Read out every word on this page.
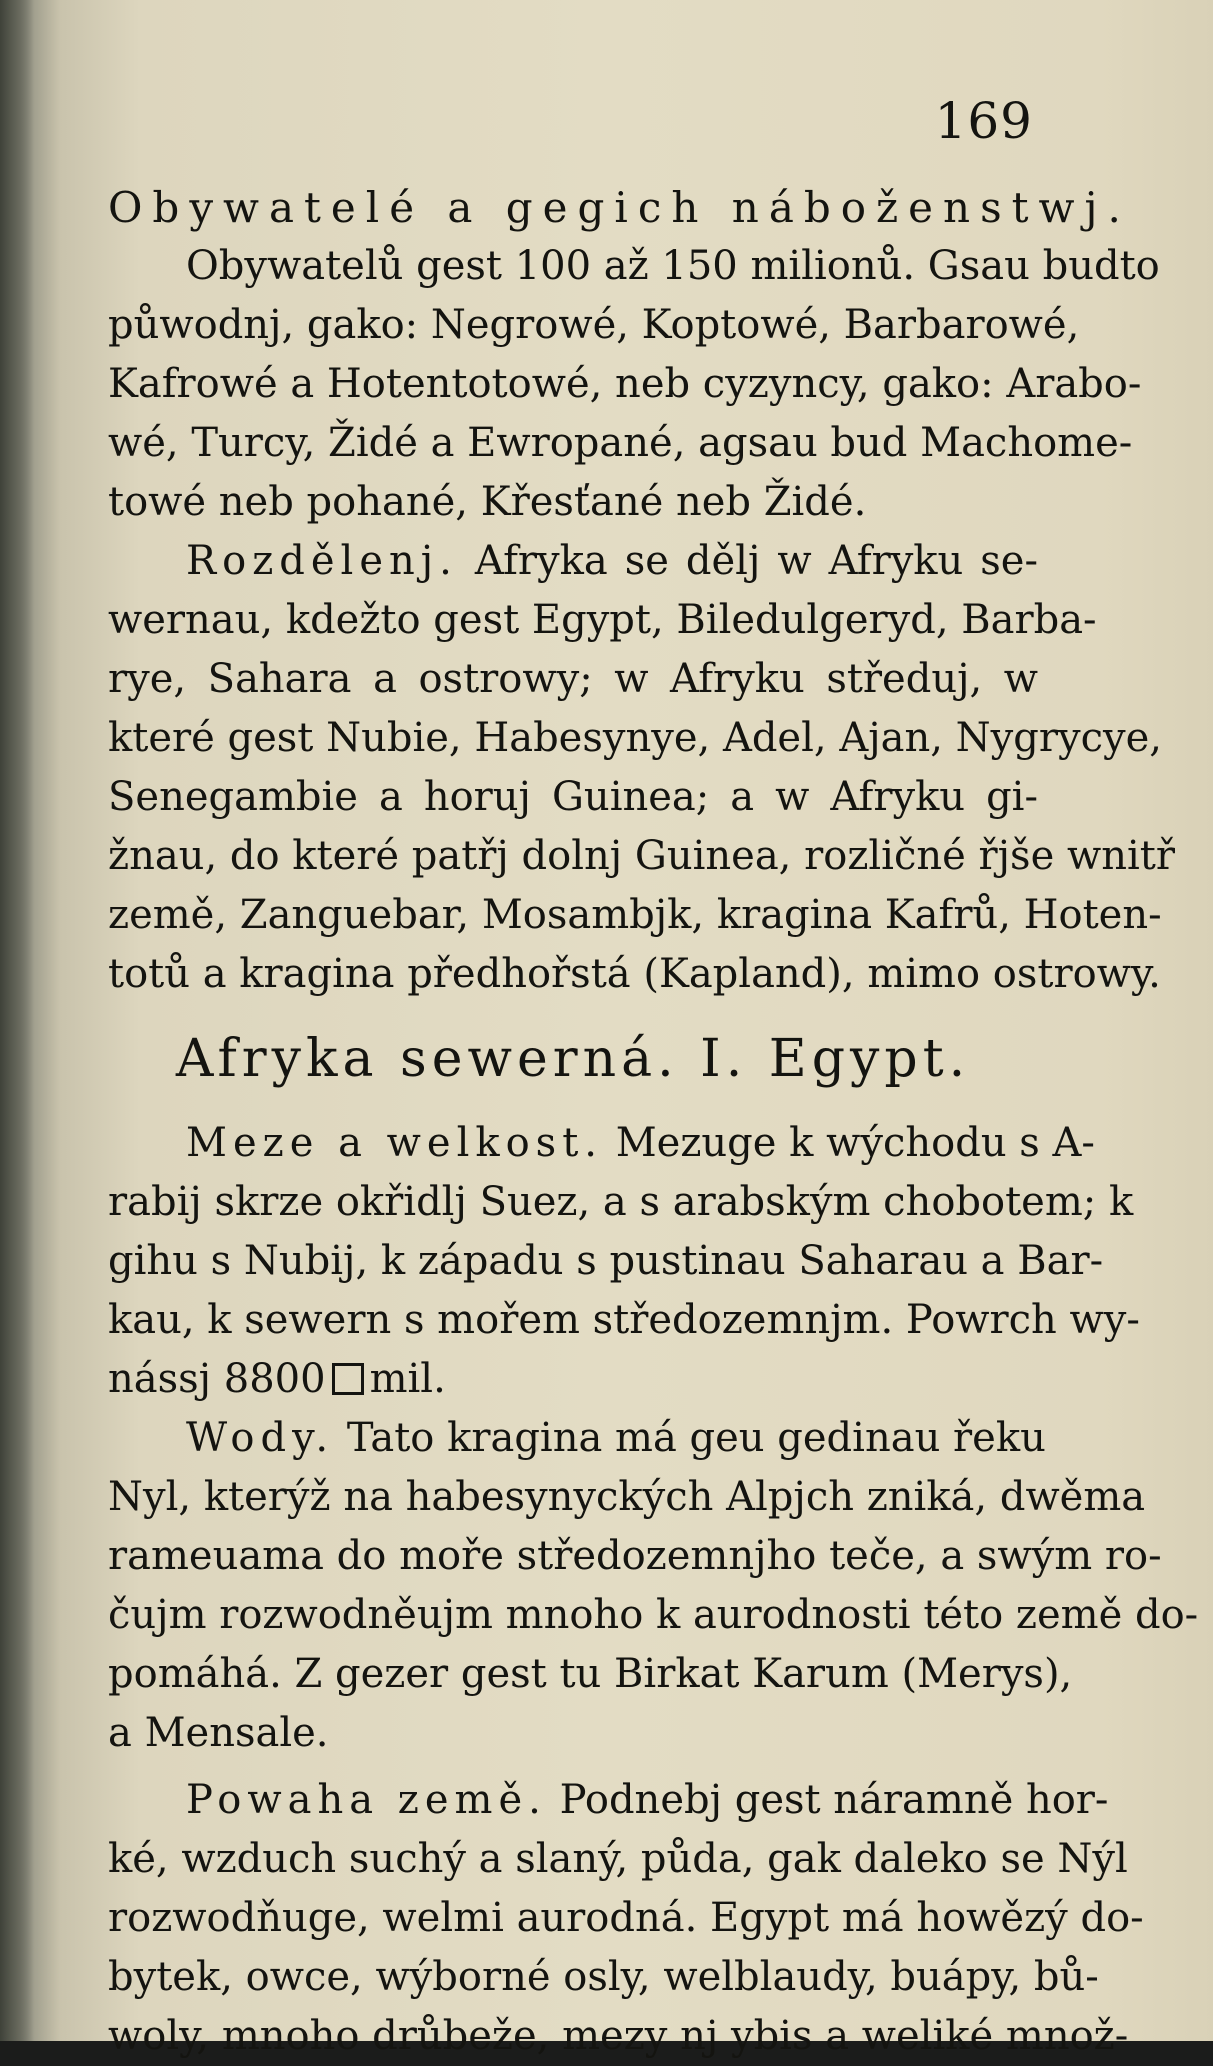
169
Obywatelé a gegich náboženstwj.
Obywatelů gest 100 až 150 milionů. Gsau budto
půwodnj, gako: Negrowé, Koptowé, Barbarowé,
Kafrowé a Hotentotowé, neb cyzyncy, gako: Arabo-
wé, Turcy, Židé a Ewropané, agsau bud Machome-
towé neb pohané, Křesťané neb Židé.
Rozdělenj. Afryka se dělj w Afryku se-
wernau, kdežto gest Egypt, Biledulgeryd, Barba-
rye, Sahara a ostrowy; w Afryku středuj, w
které gest Nubie, Habesynye, Adel, Ajan, Nygrycye,
Senegambie a horuj Guinea; a w Afryku gi-
žnau, do které patřj dolnj Guinea, rozličné řjše wnitř
země, Zanguebar, Mosambjk, kragina Kafrů, Hoten-
totů a kragina předhořstá (Kapland), mimo ostrowy.
Afryka sewerná. I. Egypt.
Meze a welkost. Mezuge k wýchodu s A-
rabij skrze okřidlj Suez, a s arabským chobotem; k
gihu s Nubij, k západu s pustinau Saharau a Bar-
kau, k sewern s mořem středozemnjm. Powrch wy-
nássj 8800 mil.
Wody. Tato kragina má geu gedinau řeku
Nyl, kterýž na habesynyckých Alpjch zniká, dwěma
rameuama do moře středozemnjho teče, a swým ro-
čujm rozwodněujm mnoho k aurodnosti této země do-
pomáhá. Z gezer gest tu Birkat Karum (Merys),
a Mensale.
Powaha země. Podnebj gest náramně hor-
ké, wzduch suchý a slaný, půda, gak daleko se Nýl
rozwodňuge, welmi aurodná. Egypt má howězý do-
bytek, owce, wýborné osly, welblaudy, buápy, bů-
woly, mnoho drůbeže, mezy nj ybis a weliké množ-
